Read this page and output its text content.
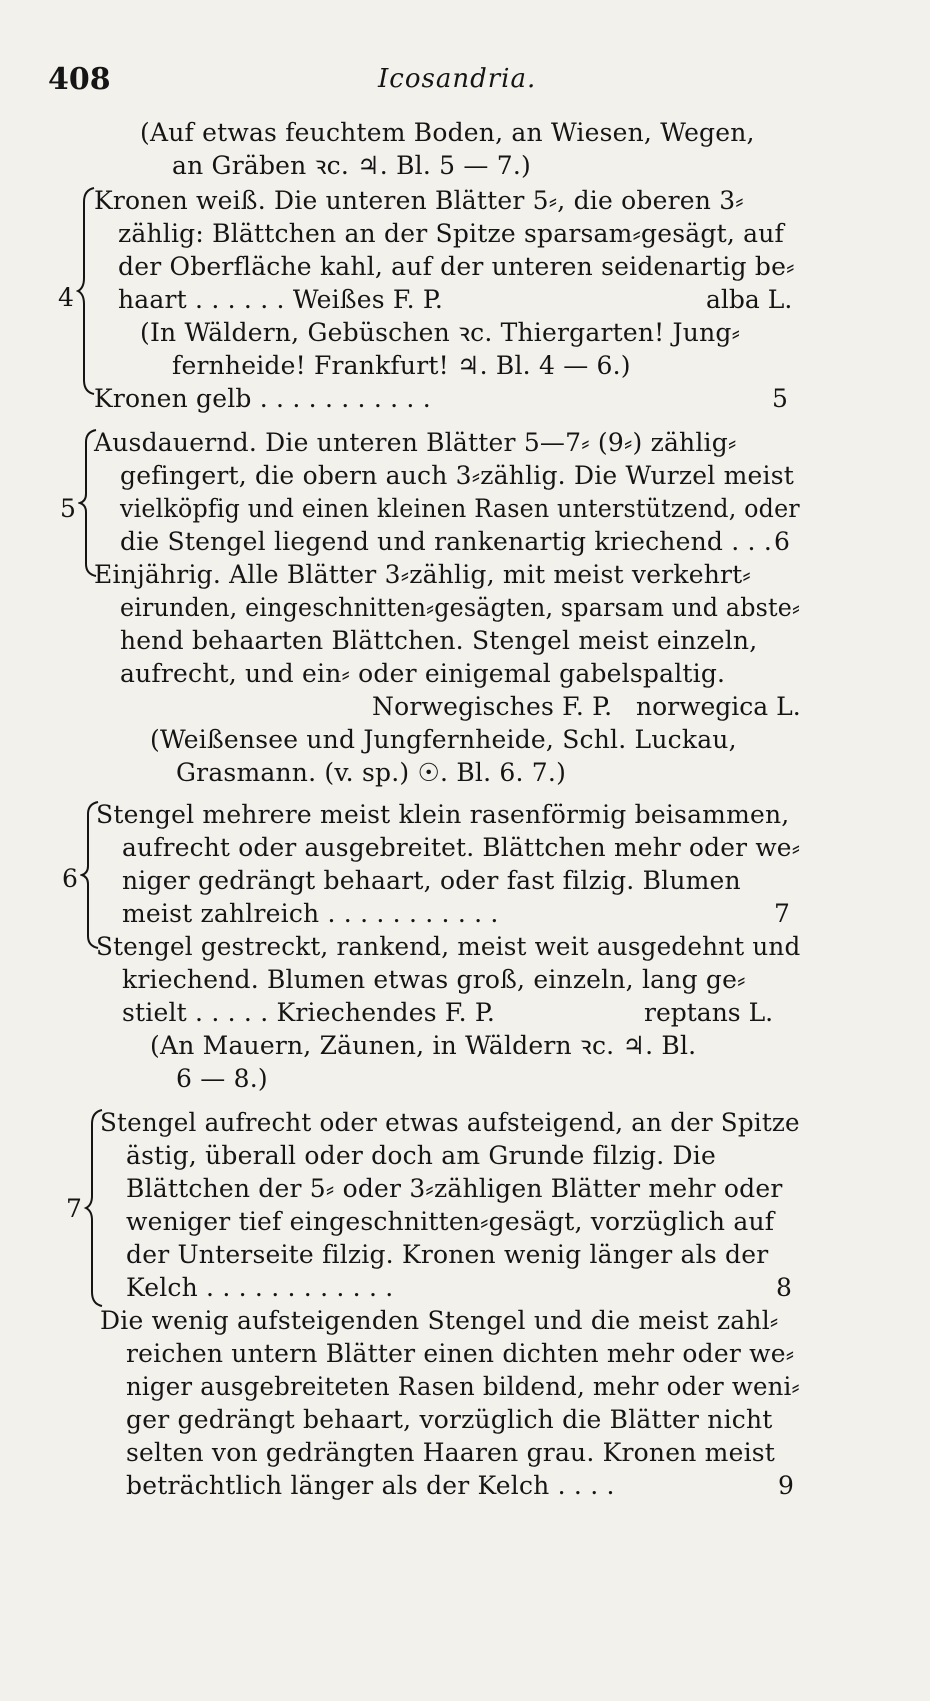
408	Icosandria.
(Auf etwas feuchtem Boden, an Wiesen, Wegen,
an Gräben ꝛc. ♃. Bl. 5 — 7.)
4
Kronen weiß. Die unteren Blätter 5⸗, die oberen 3⸗
zählig: Blättchen an der Spitze sparsam⸗gesägt, auf
der Oberfläche kahl, auf der unteren seidenartig be⸗
haart . . . . . . Weißes F. P.	alba L.
(In Wäldern, Gebüschen ꝛc. Thiergarten! Jung⸗
fernheide! Frankfurt! ♃. Bl. 4 — 6.)
Kronen gelb . . . . . . . . . . .	5
5
Ausdauernd. Die unteren Blätter 5—7⸗ (9⸗) zählig⸗
gefingert, die obern auch 3⸗zählig. Die Wurzel meist
vielköpfig und einen kleinen Rasen unterstützend, oder
die Stengel liegend und rankenartig kriechend . . . 6
Einjährig. Alle Blätter 3⸗zählig, mit meist verkehrt⸗
eirunden, eingeschnitten⸗gesägten, sparsam und abste⸗
hend behaarten Blättchen. Stengel meist einzeln,
aufrecht, und ein⸗ oder einigemal gabelspaltig.
Norwegisches F. P. norwegica L.
(Weißensee und Jungfernheide, Schl. Luckau,
Grasmann. (v. sp.) ☉. Bl. 6. 7.)
6
Stengel mehrere meist klein rasenförmig beisammen,
aufrecht oder ausgebreitet. Blättchen mehr oder we⸗
niger gedrängt behaart, oder fast filzig. Blumen
meist zahlreich . . . . . . . . . . .	7
Stengel gestreckt, rankend, meist weit ausgedehnt und
kriechend. Blumen etwas groß, einzeln, lang ge⸗
stielt . . . . . Kriechendes F. P.	reptans L.
(An Mauern, Zäunen, in Wäldern ꝛc. ♃. Bl.
6 — 8.)
7
Stengel aufrecht oder etwas aufsteigend, an der Spitze
ästig, überall oder doch am Grunde filzig. Die
Blättchen der 5⸗ oder 3⸗zähligen Blätter mehr oder
weniger tief eingeschnitten⸗gesägt, vorzüglich auf
der Unterseite filzig. Kronen wenig länger als der
Kelch . . . . . . . . . . . .	8
Die wenig aufsteigenden Stengel und die meist zahl⸗
reichen untern Blätter einen dichten mehr oder we⸗
niger ausgebreiteten Rasen bildend, mehr oder weni⸗
ger gedrängt behaart, vorzüglich die Blätter nicht
selten von gedrängten Haaren grau. Kronen meist
beträchtlich länger als der Kelch . . . .	9
